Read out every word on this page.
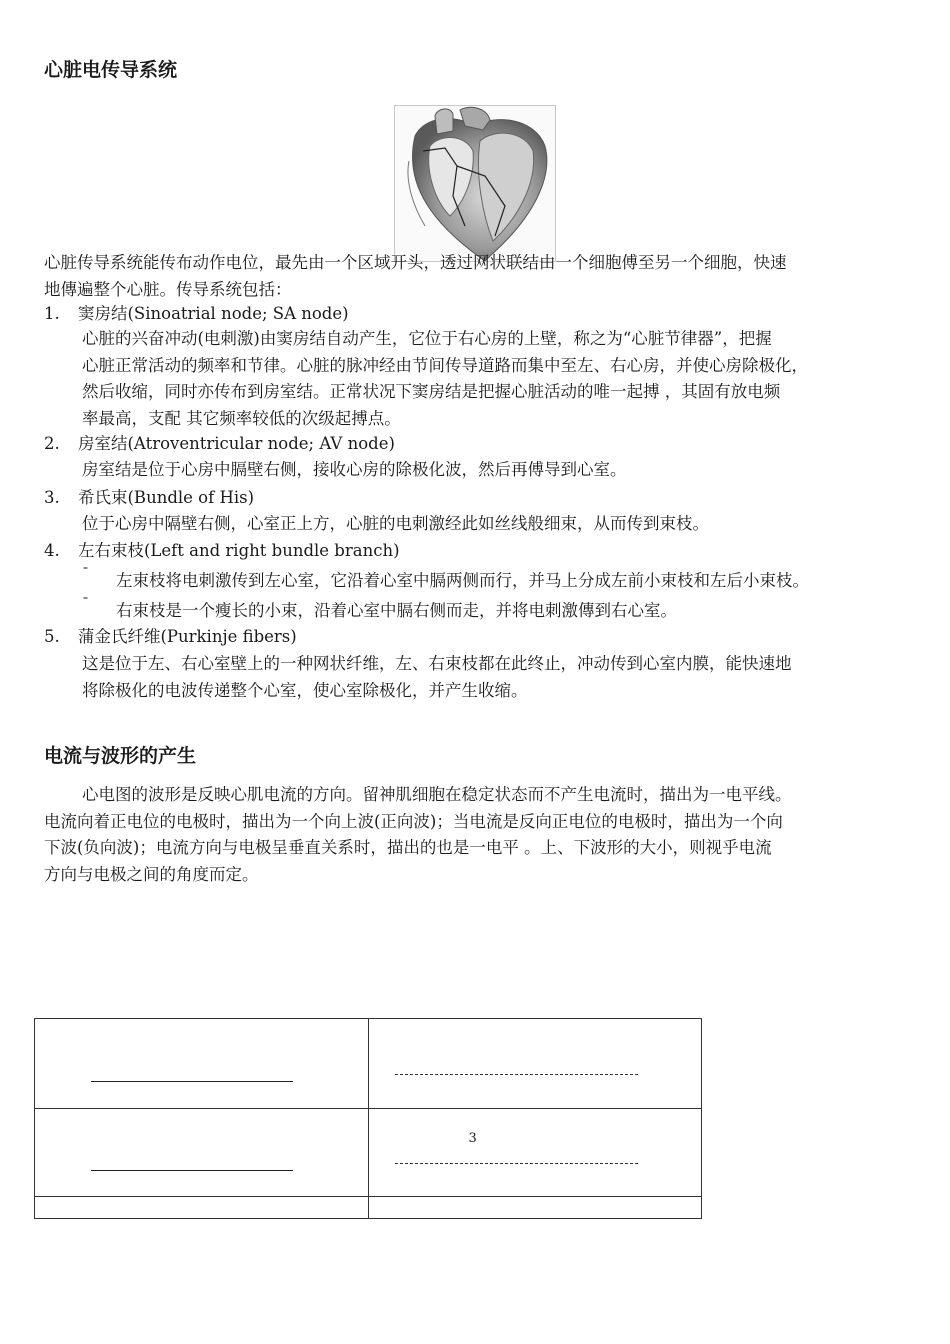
心脏电传导系统

心脏传导系统能传布动作电位，最先由一个区域开头，透过网状联结由一个细胞傅至另一个细胞，快速
地傳遍整个心脏。传导系统包括：

1. 窦房结(Sinoatrial node; SA node)

心脏的兴奋冲动(电刺激)由窦房结自动产生，它位于右心房的上壁，称之为“心脏节律器”，把握
心脏正常活动的频率和节律。心脏的脉冲经由节间传导道路而集中至左、右心房，并使心房除极化，
然后收缩，同时亦传布到房室结。正常状况下窦房结是把握心脏活动的唯一起搏 ，其固有放电频
率最高，支配 其它频率较低的次级起搏点。

2. 房室结(Atroventricular node; AV node)

房室结是位于心房中膈壁右侧，接收心房的除极化波，然后再傅导到心室。

3. 希氏束(Bundle of His)

位于心房中隔壁右侧，心室正上方，心脏的电刺激经此如丝线般细束，从而传到束枝。

4. 左右束枝(Left and right bundle branch)
ˉ 左束枝将电刺激传到左心室，它沿着心室中膈两侧而行，并马上分成左前小束枝和左后小束枝。
ˉ 右束枝是一个瘦长的小束，沿着心室中膈右侧而走，并将电刺激傳到右心室。
5. 蒲金氏纤维(Purkinje fibers)

这是位于左、右心室壁上的一种网状纤维，左、右束枝都在此终止，冲动传到心室内膜，能快速地
将除极化的电波传递整个心室，使心室除极化，并产生收缩。

电流与波形的产生

心电图的波形是反映心肌电流的方向。留神肌细胞在稳定状态而不产生电流时，描出为一电平线。
电流向着正电位的电极时，描出为一个向上波(正向波)；当电流是反向正电位的电极时，描出为一个向
下波(负向波)；电流方向与电极呈垂直关系时，描出的也是一电平 。上、下波形的大小，则视乎电流
方向与电极之间的角度而定。

	3
